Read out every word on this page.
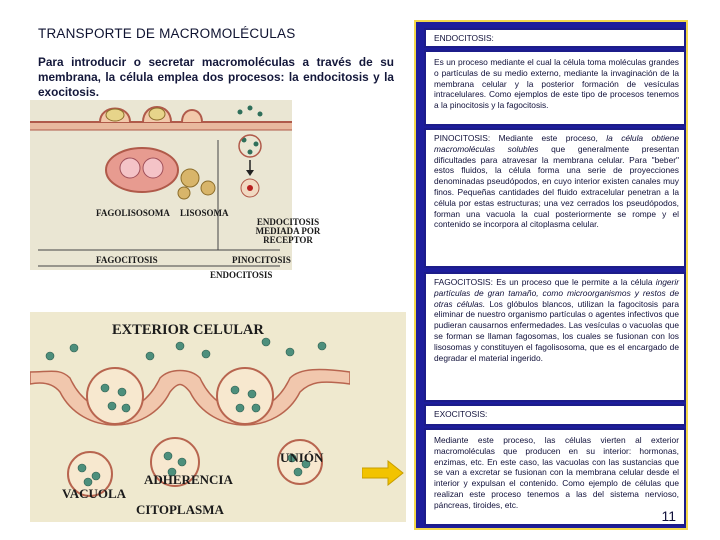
TRANSPORTE DE MACROMOLÉCULAS
Para introducir o secretar macromoléculas a través de su membrana, la célula emplea dos procesos: la endocitosis y la exocitosis.
FAGOLISOSOMA LISOSOMA
ENDOCITOSIS MEDIADA POR RECEPTOR
FAGOCITOSIS	PINOCITOSIS
ENDOCITOSIS
EXTERIOR CELULAR
UNIÓN
ADHERENCIA
VACUOLA
CITOPLASMA
ENDOCITOSIS:
Es un proceso mediante el cual la célula toma moléculas grandes o partículas de su medio externo, mediante la invaginación de la membrana celular y la posterior formación de vesículas intracelulares. Como ejemplos de este tipo de procesos tenemos a la pinocitosis y la fagocitosis.
PINOCITOSIS: Mediante este proceso, la célula obtiene macromoléculas solubles que generalmente presentan dificultades para atravesar la membrana celular. Para "beber" estos fluidos, la célula forma una serie de proyecciones denominadas pseudópodos, en cuyo interior existen canales muy finos. Pequeñas cantidades del fluido extracelular penetran a la célula por estas estructuras; una vez cerrados los pseudópodos, forman una vacuola la cual posteriormente se rompe y el contenido se incorpora al citoplasma celular.
FAGOCITOSIS: Es un proceso que le permite a la célula ingerir partículas de gran tamaño, como microorganismos y restos de otras células. Los glóbulos blancos, utilizan la fagocitosis para eliminar de nuestro organismo partículas o agentes infectivos que pudieran causarnos enfermedades. Las vesículas o vacuolas que se forman se llaman fagosomas, los cuales se fusionan con los lisosomas y constituyen el fagolisosoma, que es el encargado de degradar el material ingerido.
EXOCITOSIS:
Mediante este proceso, las células vierten al exterior macromoléculas que producen en su interior: hormonas, enzimas, etc. En este caso, las vacuolas con las sustancias que se van a excretar se fusionan con la membrana celular desde el interior y expulsan el contenido. Como ejemplo de células que realizan este proceso tenemos a las del sistema nervioso, páncreas, tiroides, etc.
11
